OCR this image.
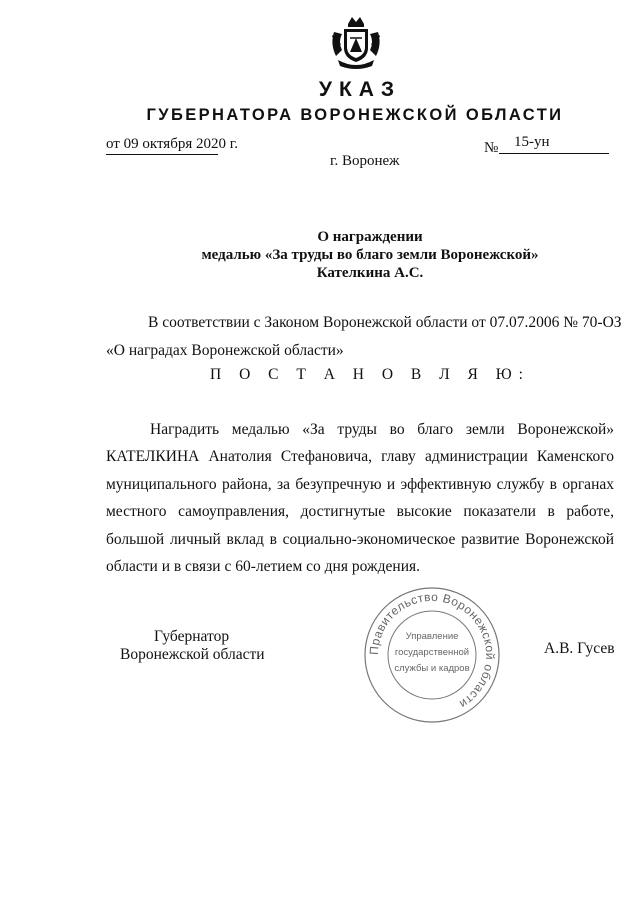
УКАЗ
ГУБЕРНАТОРА ВОРОНЕЖСКОЙ ОБЛАСТИ
от 09 октября 2020 г.	№ 15-ун
г. Воронеж
О награждении
медалью «За труды во благо земли Воронежской»
Кателкина А.С.
В соответствии с Законом Воронежской области от 07.07.2006 № 70-ОЗ
«О наградах Воронежской области»
П О С Т А Н О В Л Я Ю:

Наградить медалью «За труды во благо земли Воронежской» КАТЕЛКИНА Анатолия Стефановича, главу администрации Каменского муниципального района, за безупречную и эффективную службу в органах местного самоуправления, достигнутые высокие показатели в работе, большой личный вклад в социально-экономическое развитие Воронежской области и в связи с 60-летием со дня рождения.

Губернатор
Воронежской области	А.В. Гусев
Правительство Воронежской области
Управление
государственной
службы и кадров
